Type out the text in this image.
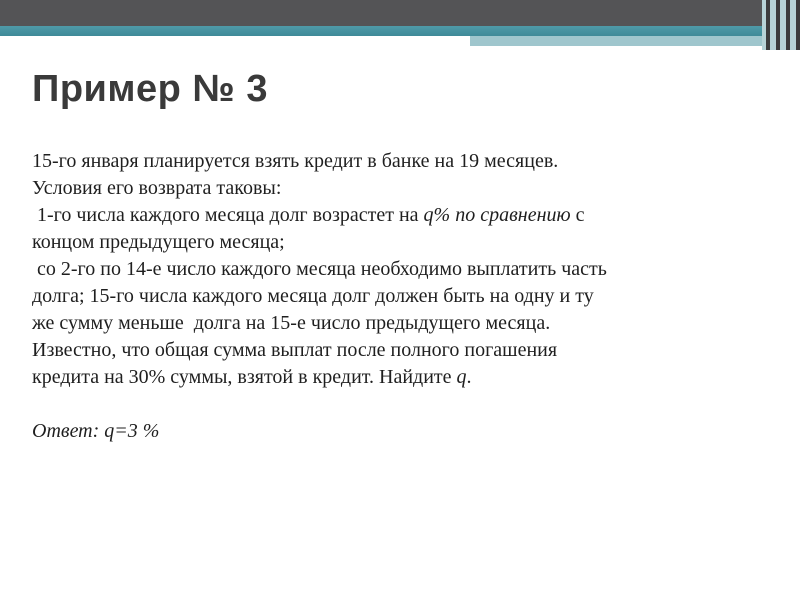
Пример № 3
15-го января планируется взять кредит в банке на 19 месяцев.
Условия его возврата таковы:
1-го числа каждого месяца долг возрастет на q% по сравнению с
концом предыдущего месяца;
со 2-го по 14-е число каждого месяца необходимо выплатить часть
долга; 15-го числа каждого месяца долг должен быть на одну и ту
же сумму меньше  долга на 15-е число предыдущего месяца.
Известно, что общая сумма выплат после полного погашения
кредита на 30% суммы, взятой в кредит. Найдите q.
Ответ: q=3 %
